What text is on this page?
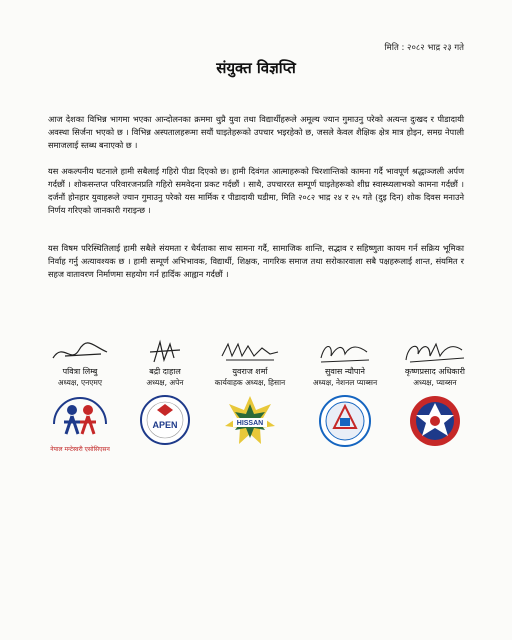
मिति : २०८२ भाद्र २३ गते
संयुक्त विज्ञप्ति

आज देशका विभिन्न भागमा भएका आन्दोलनका क्रममा थुप्रै युवा तथा विद्यार्थीहरूले अमूल्य ज्यान गुमाउनु परेको अत्यन्त दुःखद र पीडादायी अवस्था सिर्जना भएको छ । विभिन्न अस्पतालहरूमा सयौं घाइतेहरूको उपचार भइरहेको छ, जसले केवल शैक्षिक क्षेत्र मात्र होइन, समग्र नेपाली समाजलाई स्तब्ध बनाएको छ ।

यस अकल्पनीय घटनाले हामी सबैलाई गहिरो पीडा दिएको छ। हामी दिवंगत आत्माहरूको चिरशान्तिको कामना गर्दै भावपूर्ण श्रद्धाञ्जली अर्पण गर्दछौं । शोकसन्तप्त परिवारजनप्रति गहिरो समवेदना प्रकट गर्दछौं । साथै, उपचाररत सम्पूर्ण घाइतेहरूको शीघ्र स्वास्थ्यलाभको कामना गर्दछौं । दर्जनौं होनहार युवाहरूले ज्यान गुमाउनु परेको यस मार्मिक र पीडादायी घडीमा, मिति २०८२ भाद्र २४ र २५ गते (दुइ दिन) शोक दिवस मनाउने निर्णय गरिएको जानकारी गराइन्छ ।

यस विषम परिस्थितिलाई हामी सबैले संयमता र धैर्यताका साथ सामना गर्दै, सामाजिक शान्ति, सद्भाव र सहिष्णुता कायम गर्न सक्रिय भूमिका निर्वाह गर्नु अत्यावश्यक छ । हामी सम्पूर्ण अभिभावक, विद्यार्थी, शिक्षक, नागरिक समाज तथा सरोकारवाला सबै पक्षहरूलाई शान्त, संयमित र सहज वातावरण निर्माणमा सहयोग गर्न हार्दिक आह्वान गर्दछौं ।

पवित्रा लिम्बु
अध्यक्ष, एनएमए
नेपाल मन्टेस्वरी एसोसिएसन
बद्री दाहाल
अध्यक्ष, अपेन
APEN
युवराज शर्मा
कार्यवाहक अध्यक्ष, हिसान
HISSAN
सुवास न्यौपाने
अध्यक्ष, नेशनल प्याब्सन
कृष्णप्रसाद अधिकारी
अध्यक्ष, प्याब्सन
